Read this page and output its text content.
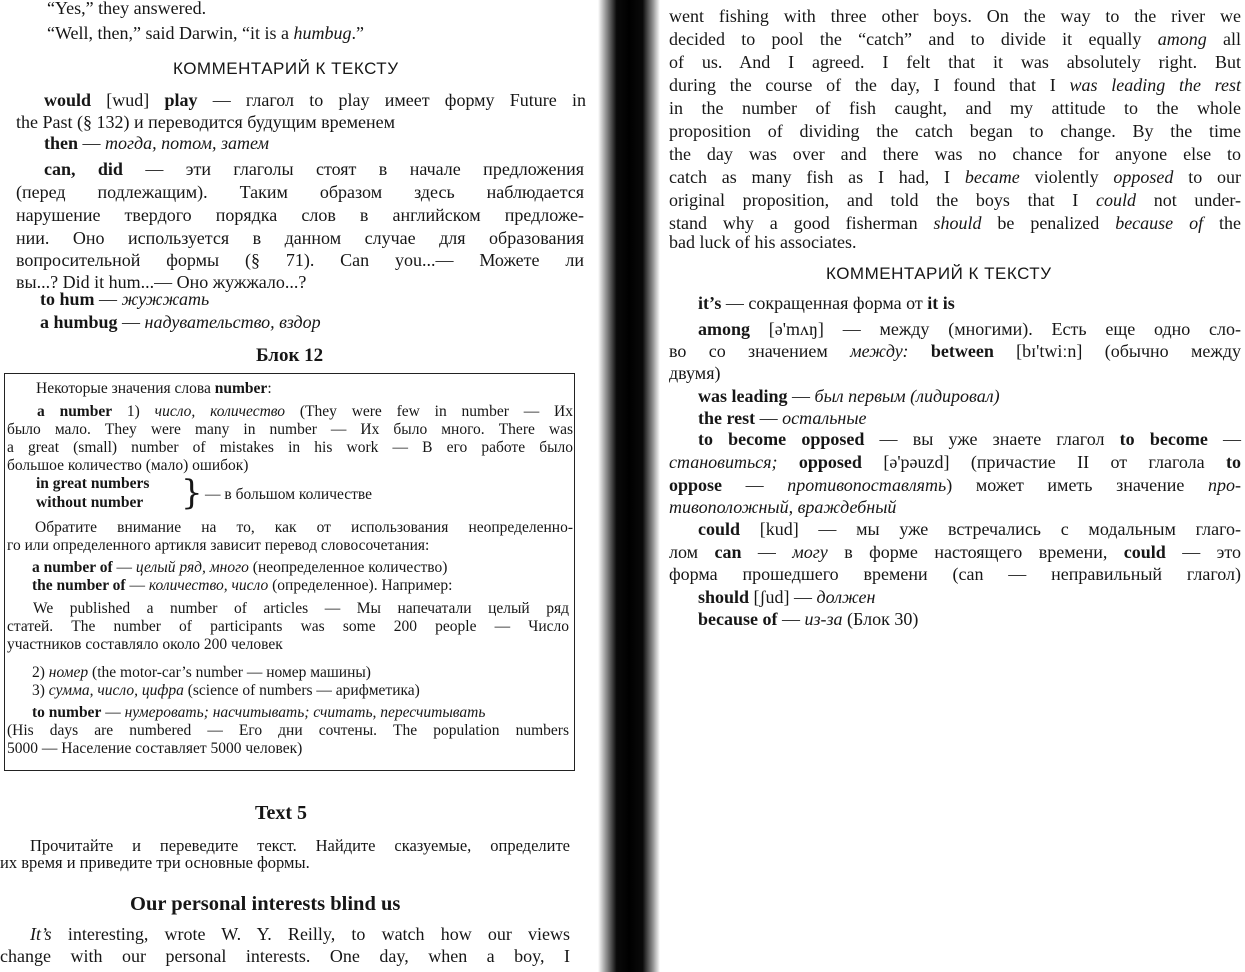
“Yes,” they answered.

“Well, then,” said Darwin, “it is a humbug.”

КОММЕНТАРИЙ К ТЕКСТУ

would [wud] play — глагол to play имеет форму Future in

the Past (§ 132) и переводится будущим временем

then — тогда, потом, затем

can, did — эти глаголы стоят в начале предложения

(перед подлежащим). Таким образом здесь наблюдается

нарушение твердого порядка слов в английском предложе-

нии. Оно используется в данном случае для образования

вопросительной формы (§ 71). Can you...— Можете ли

вы...? Did it hum...— Оно жужжало...?

to hum — жужжать

a humbug — надувательство, вздор

Блок 12

Некоторые значения слова number:

a number 1) число, количество (They were few in number — Их

было мало. They were many in number — Их было много. There was

a great (small) number of mistakes in his work — В его работе было

большое количество (мало) ошибок)

in great numbers

without number } — в большом количестве

Обратите внимание на то, как от использования неопределенно-

го или определенного артикля зависит перевод словосочетания:

a number of — целый ряд, много (неопределенное количество)

the number of — количество, число (определенное). Например:

We published a number of articles — Мы напечатали целый ряд

статей. The number of participants was some 200 people — Число

участников составляло около 200 человек

2) номер (the motor-car’s number — номер машины)

3) сумма, число, цифра (science of numbers — арифметика)

to number — нумеровать; насчитывать; считать, пересчитывать

(His days are numbered — Его дни сочтены. The population numbers

5000 — Население составляет 5000 человек)

Text 5

Прочитайте и переведите текст. Найдите сказуемые, определите

их время и приведите три основные формы.

Our personal interests blind us

It’s interesting, wrote W. Y. Reilly, to watch how our views

change with our personal interests. One day, when a boy, I

went fishing with three other boys. On the way to the river we

decided to pool the “catch” and to divide it equally among all

of us. And I agreed. I felt that it was absolutely right. But

during the course of the day, I found that I was leading the rest

in the number of fish caught, and my attitude to the whole

proposition of dividing the catch began to change. By the time

the day was over and there was no chance for anyone else to

catch as many fish as I had, I became violently opposed to our

original proposition, and told the boys that I could not under-

stand why a good fisherman should be penalized because of the

bad luck of his associates.

КОММЕНТАРИЙ К ТЕКСТУ

it’s — сокращенная форма от it is

among [ə'mʌŋ] — между (многими). Есть еще одно сло-

во со значением между: between [bɪ'twiːn] (обычно между

двумя)

was leading — был первым (лидировал)

the rest — остальные

to become opposed — вы уже знаете глагол to become —

становиться; opposed [ə'pəuzd] (причастие II от глагола to

oppose — противопоставлять) может иметь значение про-

тивоположный, враждебный

could [kud] — мы уже встречались с модальным глаго-

лом can — могу в форме настоящего времени, could — это

форма прошедшего времени (can — неправильный глагол)

should [ʃud] — должен

because of — из-за (Блок 30)
